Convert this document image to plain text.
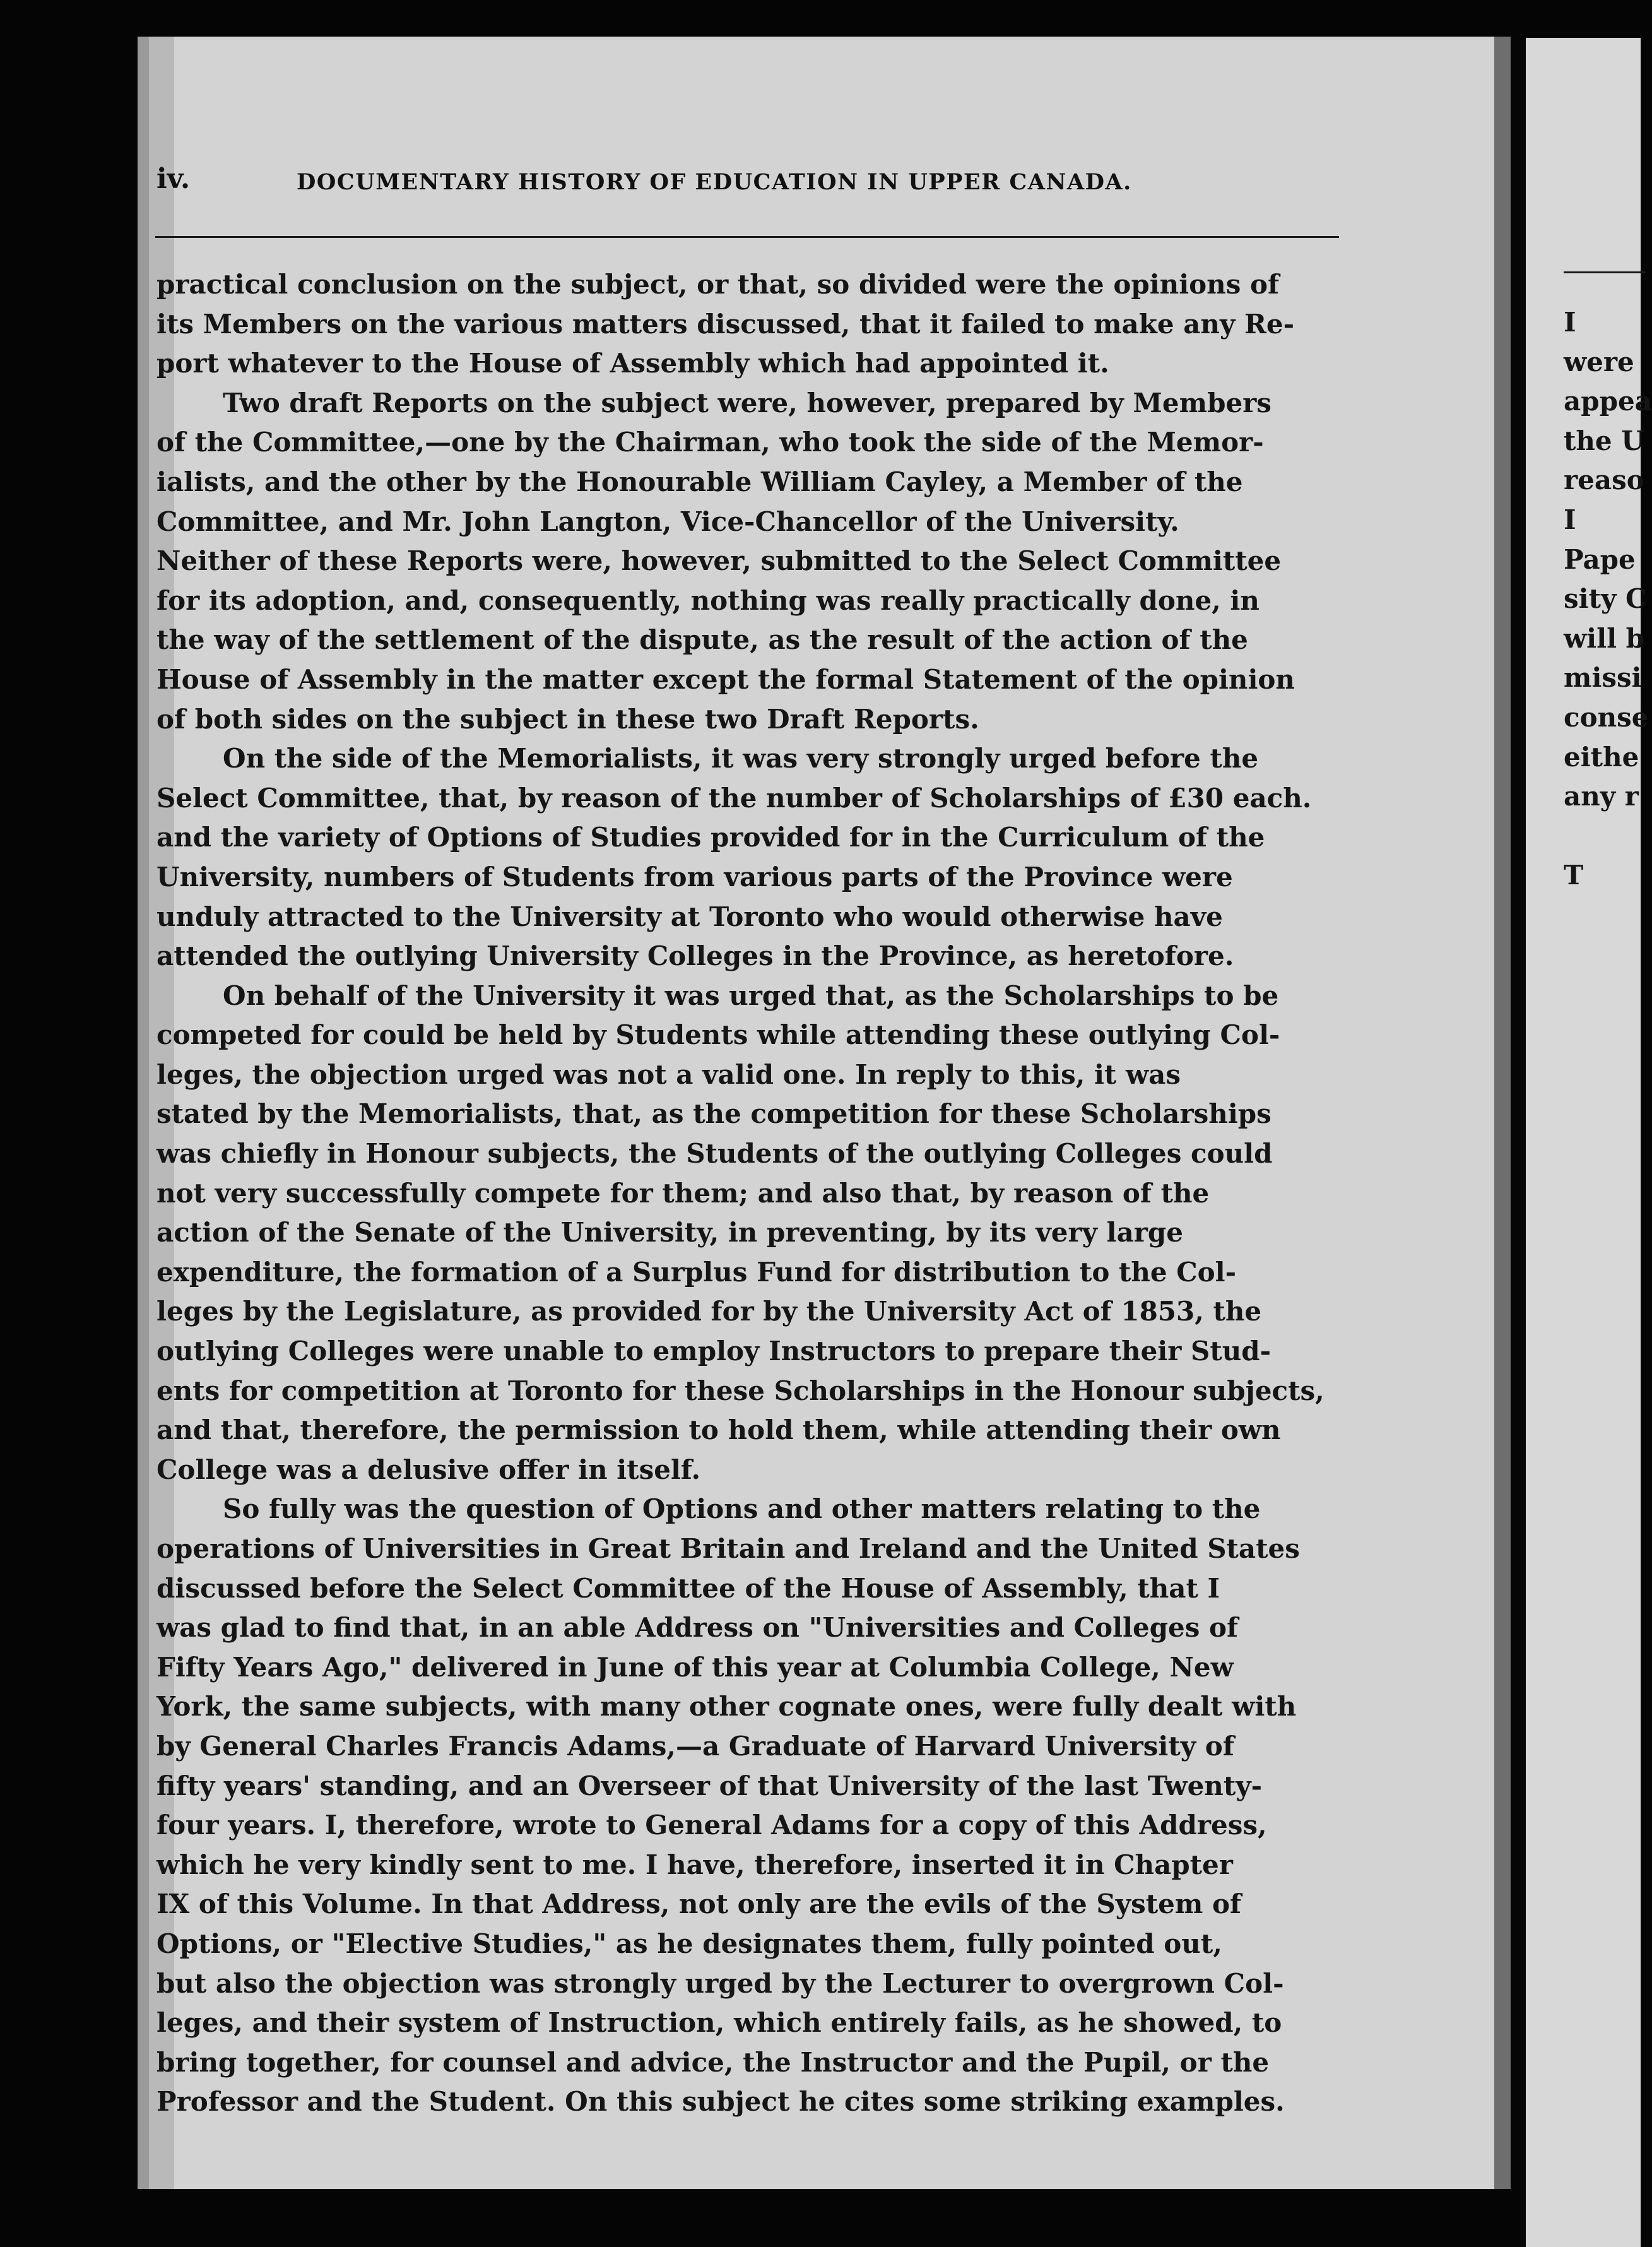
iv.	DOCUMENTARY HISTORY OF EDUCATION IN UPPER CANADA.
practical conclusion on the subject, or that, so divided were the opinions of
its Members on the various matters discussed, that it failed to make any Re-
port whatever to the House of Assembly which had appointed it.
Two draft Reports on the subject were, however, prepared by Members
of the Committee,—one by the Chairman, who took the side of the Memor-
ialists, and the other by the Honourable William Cayley, a Member of the
Committee, and Mr. John Langton, Vice-Chancellor of the University.
Neither of these Reports were, however, submitted to the Select Committee
for its adoption, and, consequently, nothing was really practically done, in
the way of the settlement of the dispute, as the result of the action of the
House of Assembly in the matter except the formal Statement of the opinion
of both sides on the subject in these two Draft Reports.
On the side of the Memorialists, it was very strongly urged before the
Select Committee, that, by reason of the number of Scholarships of £30 each.
and the variety of Options of Studies provided for in the Curriculum of the
University, numbers of Students from various parts of the Province were
unduly attracted to the University at Toronto who would otherwise have
attended the outlying University Colleges in the Province, as heretofore.
On behalf of the University it was urged that, as the Scholarships to be
competed for could be held by Students while attending these outlying Col-
leges, the objection urged was not a valid one. In reply to this, it was
stated by the Memorialists, that, as the competition for these Scholarships
was chiefly in Honour subjects, the Students of the outlying Colleges could
not very successfully compete for them; and also that, by reason of the
action of the Senate of the University, in preventing, by its very large
expenditure, the formation of a Surplus Fund for distribution to the Col-
leges by the Legislature, as provided for by the University Act of 1853, the
outlying Colleges were unable to employ Instructors to prepare their Stud-
ents for competition at Toronto for these Scholarships in the Honour subjects,
and that, therefore, the permission to hold them, while attending their own
College was a delusive offer in itself.
So fully was the question of Options and other matters relating to the
operations of Universities in Great Britain and Ireland and the United States
discussed before the Select Committee of the House of Assembly, that I
was glad to find that, in an able Address on "Universities and Colleges of
Fifty Years Ago," delivered in June of this year at Columbia College, New
York, the same subjects, with many other cognate ones, were fully dealt with
by General Charles Francis Adams,—a Graduate of Harvard University of
fifty years' standing, and an Overseer of that University of the last Twenty-
four years. I, therefore, wrote to General Adams for a copy of this Address,
which he very kindly sent to me. I have, therefore, inserted it in Chapter
IX of this Volume. In that Address, not only are the evils of the System of
Options, or "Elective Studies," as he designates them, fully pointed out,
but also the objection was strongly urged by the Lecturer to overgrown Col-
leges, and their system of Instruction, which entirely fails, as he showed, to
bring together, for counsel and advice, the Instructor and the Pupil, or the
Professor and the Student. On this subject he cites some striking examples.
I
were
appea
the U
reaso
I
Pape
sity C
will b
missi
conse
eithe
any r

T
